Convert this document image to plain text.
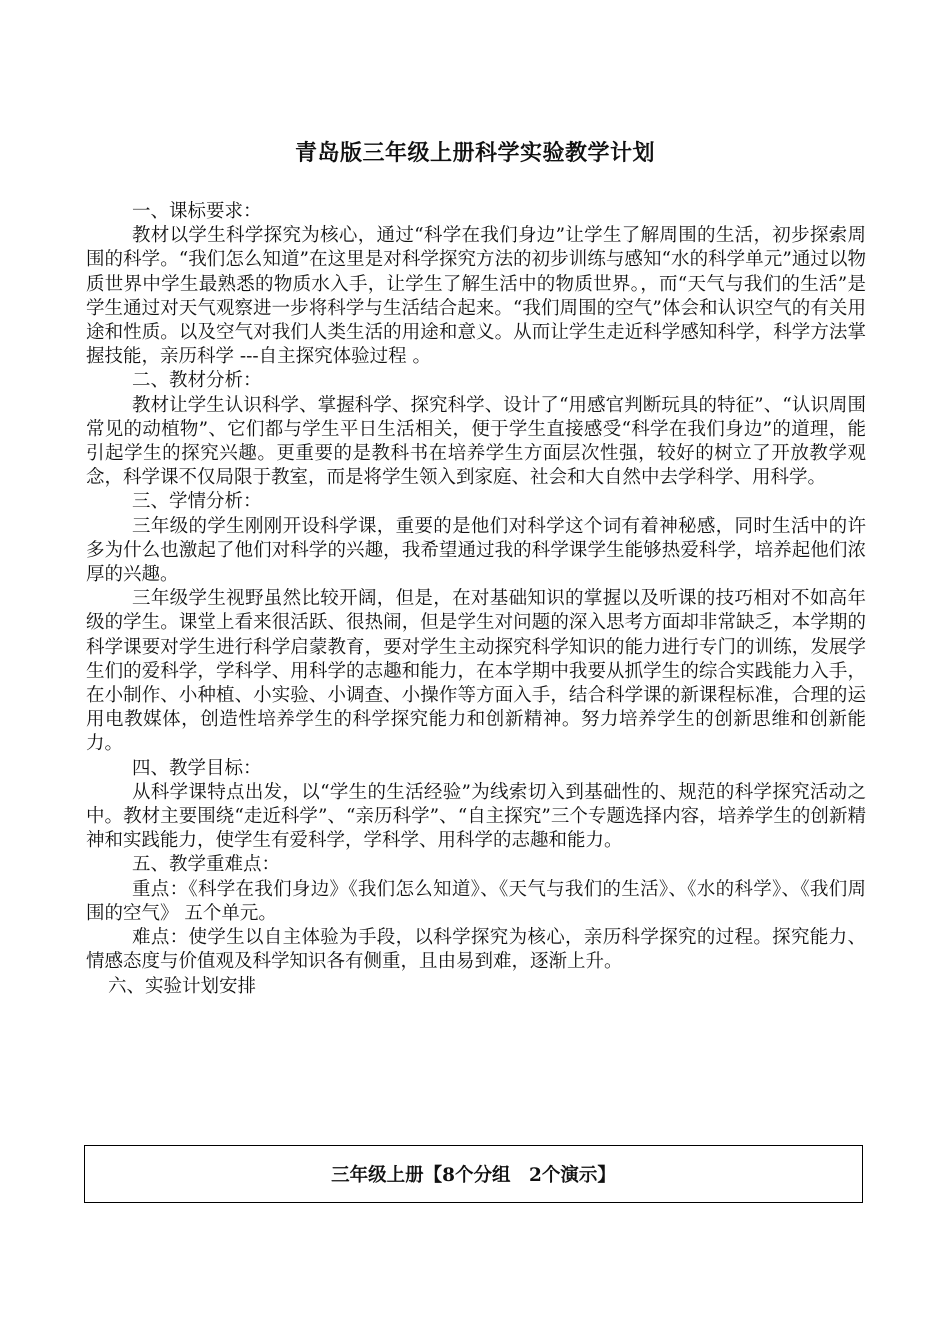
青岛版三年级上册科学实验教学计划

一、课标要求：

教材以学生科学探究为核心，通过“科学在我们身边”让学生了解周围的生活，初步探索周围的科学。“我们怎么知道”在这里是对科学探究方法的初步训练与感知“水的科学单元”通过以物质世界中学生最熟悉的物质水入手，让学生了解生活中的物质世界。，而“天气与我们的生活”是学生通过对天气观察进一步将科学与生活结合起来。“我们周围的空气”体会和认识空气的有关用途和性质。以及空气对我们人类生活的用途和意义。从而让学生走近科学感知科学，科学方法掌握技能，亲历科学 ---自主探究体验过程 。

二、教材分析：

教材让学生认识科学、掌握科学、探究科学、设计了“用感官判断玩具的特征”、“认识周围常见的动植物”、它们都与学生平日生活相关，便于学生直接感受“科学在我们身边”的道理，能引起学生的探究兴趣。更重要的是教科书在培养学生方面层次性强，较好的树立了开放教学观念，科学课不仅局限于教室，而是将学生领入到家庭、社会和大自然中去学科学、用科学。

三、学情分析：

三年级的学生刚刚开设科学课，重要的是他们对科学这个词有着神秘感，同时生活中的许多为什么也激起了他们对科学的兴趣，我希望通过我的科学课学生能够热爱科学，培养起他们浓厚的兴趣。

三年级学生视野虽然比较开阔，但是，在对基础知识的掌握以及听课的技巧相对不如高年级的学生。课堂上看来很活跃、很热闹，但是学生对问题的深入思考方面却非常缺乏，本学期的科学课要对学生进行科学启蒙教育，要对学生主动探究科学知识的能力进行专门的训练，发展学生们的爱科学，学科学、用科学的志趣和能力，在本学期中我要从抓学生的综合实践能力入手，在小制作、小种植、小实验、小调查、小操作等方面入手，结合科学课的新课程标准，合理的运用电教媒体，创造性培养学生的科学探究能力和创新精神。努力培养学生的创新思维和创新能力。

四、教学目标：

从科学课特点出发，以“学生的生活经验”为线索切入到基础性的、规范的科学探究活动之中。教材主要围绕“走近科学”、“亲历科学”、“自主探究”三个专题选择内容，培养学生的创新精神和实践能力，使学生有爱科学，学科学、用科学的志趣和能力。

五、教学重难点：

重点：《科学在我们身边》《我们怎么知道》、《天气与我们的生活》、《水的科学》、《我们周围的空气》 五个单元。

难点：使学生以自主体验为手段，以科学探究为核心，亲历科学探究的过程。探究能力、情感态度与价值观及科学知识各有侧重，且由易到难，逐渐上升。

六、实验计划安排

三年级上册【8个分组　2个演示】
